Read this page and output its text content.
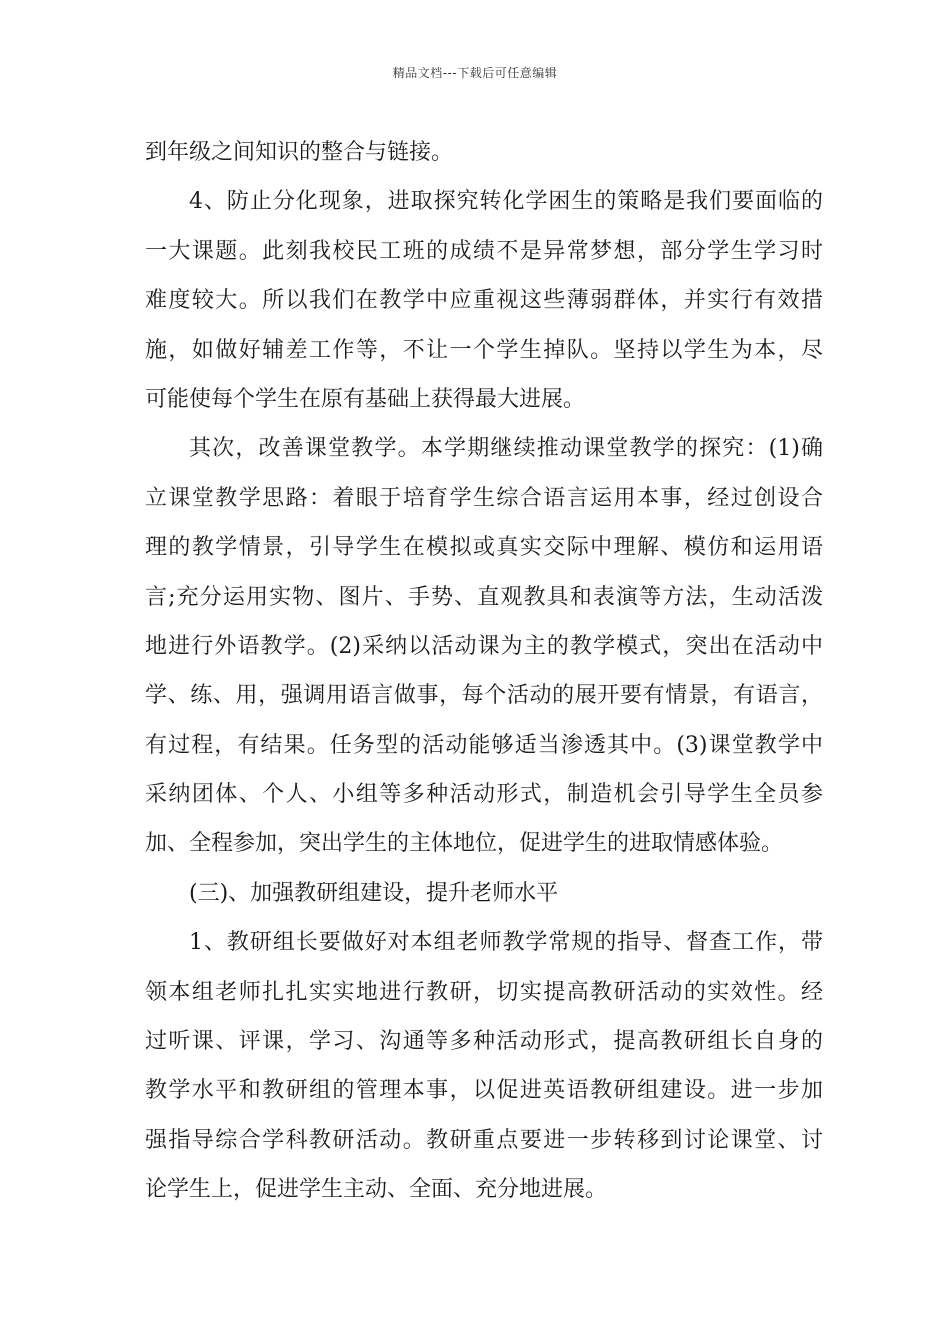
精品文档---下载后可任意编辑
到年级之间知识的整合与链接。
4、防止分化现象，进取探究转化学困生的策略是我们要面临的
一大课题。此刻我校民工班的成绩不是异常梦想，部分学生学习时
难度较大。所以我们在教学中应重视这些薄弱群体，并实行有效措
施，如做好辅差工作等，不让一个学生掉队。坚持以学生为本，尽
可能使每个学生在原有基础上获得最大进展。
其次，改善课堂教学。本学期继续推动课堂教学的探究：(1)确
立课堂教学思路：着眼于培育学生综合语言运用本事，经过创设合
理的教学情景，引导学生在模拟或真实交际中理解、模仿和运用语
言;充分运用实物、图片、手势、直观教具和表演等方法，生动活泼
地进行外语教学。(2)采纳以活动课为主的教学模式，突出在活动中
学、练、用，强调用语言做事，每个活动的展开要有情景，有语言，
有过程，有结果。任务型的活动能够适当渗透其中。(3)课堂教学中
采纳团体、个人、小组等多种活动形式，制造机会引导学生全员参
加、全程参加，突出学生的主体地位，促进学生的进取情感体验。
(三)、加强教研组建设，提升老师水平
1、教研组长要做好对本组老师教学常规的指导、督查工作，带
领本组老师扎扎实实地进行教研，切实提高教研活动的实效性。经
过听课、评课，学习、沟通等多种活动形式，提高教研组长自身的
教学水平和教研组的管理本事，以促进英语教研组建设。进一步加
强指导综合学科教研活动。教研重点要进一步转移到讨论课堂、讨
论学生上，促进学生主动、全面、充分地进展。
